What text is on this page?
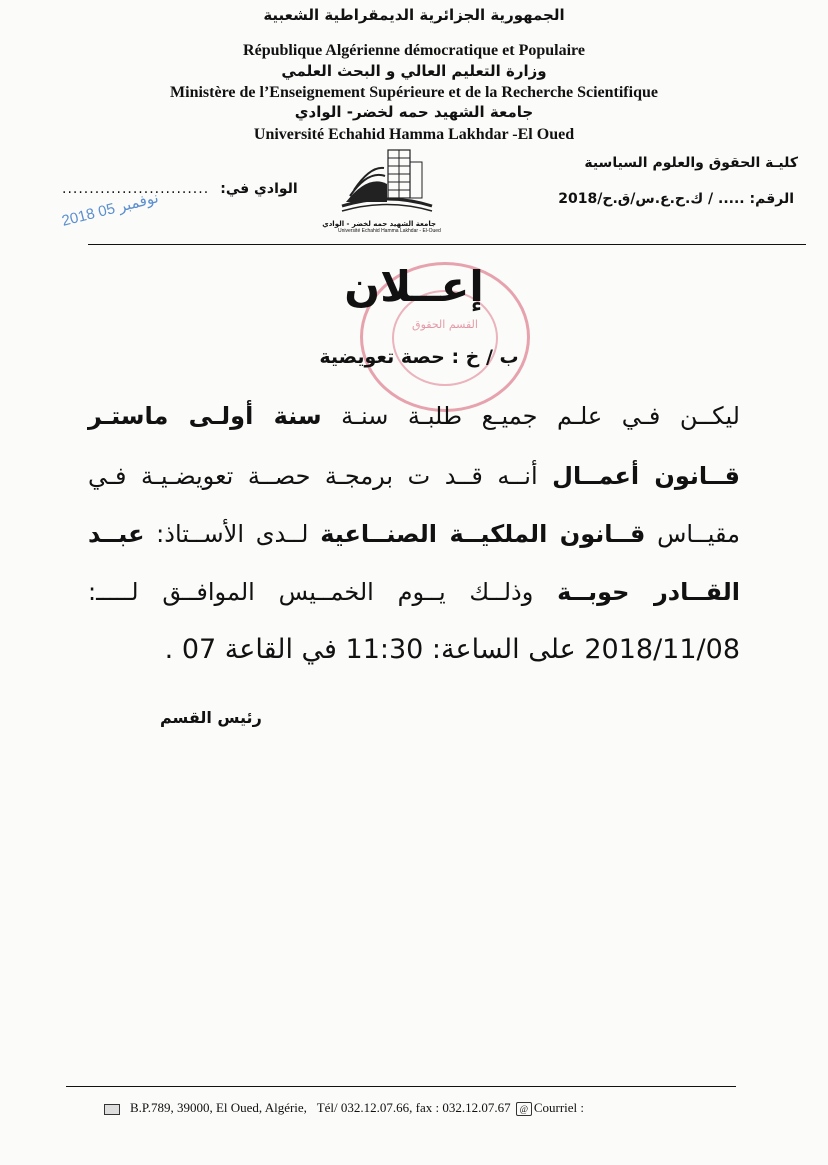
الجمهورية الجزائرية الديمقراطية الشعبية
République Algérienne démocratique et Populaire
وزارة التعليم العالي و البحث العلمي
Ministère de l’Enseignement Supérieure et de la Recherche Scientifique
جامعة الشهيد حمه لخضر- الوادي
Université Echahid Hamma Lakhdar -El Oued
كليـة الحقوق والعلوم السياسية
الرقم: ..... / ك.ح.ع.س/ق.ح/2018
........................... الوادي في:
جامعة الشهيد حمه لخضر - الوادي
Université Echahid Hamma Lakhdar - El-Oued
2018 نوفمبر 05
القسم الحقوق
إعــلان
ب / خ : حصة تعويضية
ليكــن فـي علـم جميـع طلبـة سنـة سنة أولـى ماستـر
قــانون أعمــال أنــه قــد ت برمجـة حصــة تعويضـيـة فـي
مقيــاس قــانون الملكيــة الصنــاعية لــدى الأســتاذ: عبــد
القــادر حوبــة وذلــك يــوم الخمــيس الموافــق لـــــ:
2018/11/08 على الساعة: 11:30 في القاعة 07 .
رئيس القسم
B.P.789, 39000, El Oued, Algérie, Tél/ 032.12.07.66, fax : 032.12.07.67 @ Courriel :
